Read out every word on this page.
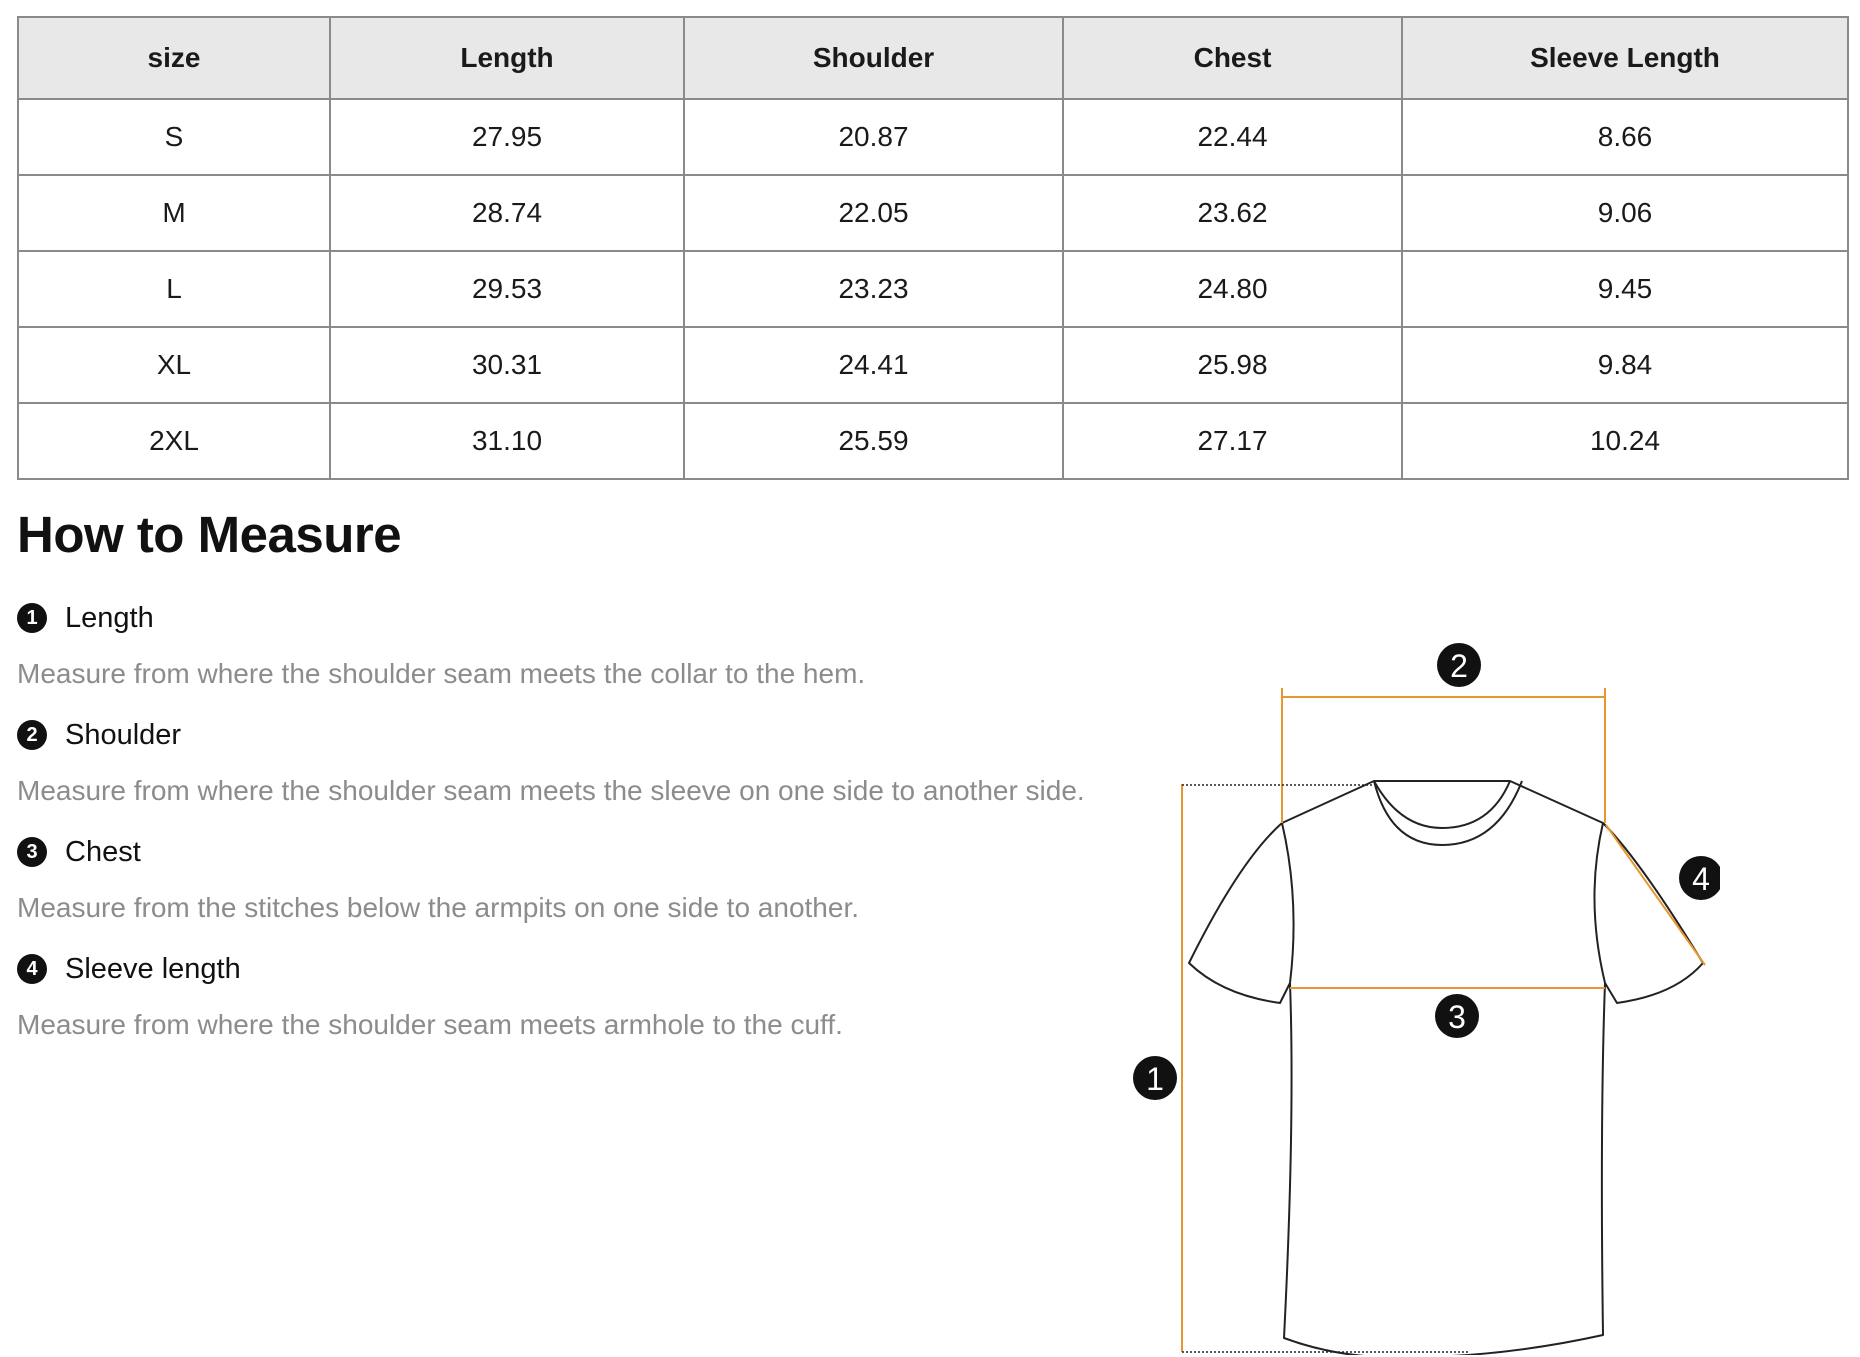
size	Length	Shoulder	Chest	Sleeve Length
S	27.95	20.87	22.44	8.66
M	28.74	22.05	23.62	9.06
L	29.53	23.23	24.80	9.45
XL	30.31	24.41	25.98	9.84
2XL	31.10	25.59	27.17	10.24
How to Measure
1 Length
Measure from where the shoulder seam meets the collar to the hem.
2 Shoulder
Measure from where the shoulder seam meets the sleeve on one side to another side.
3 Chest
Measure from the stitches below the armpits on one side to another.
4 Sleeve length
Measure from where the shoulder seam meets armhole to the cuff.
1
2
3
4
